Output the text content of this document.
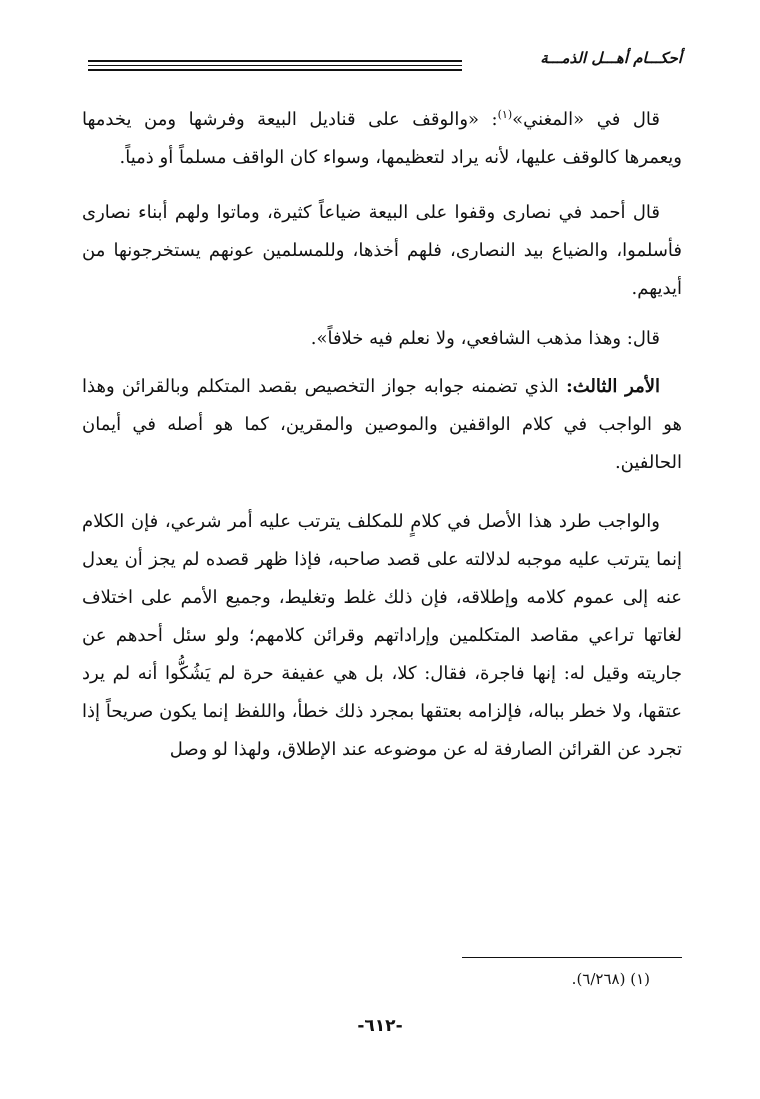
أحكـــام أهـــل الذمـــة

قال في «المغني»$^{(١)}$: «والوقف على قناديل البيعة وفرشها ومن يخدمها ويعمرها كالوقف عليها، لأنه يراد لتعظيمها، وسواء كان الواقف مسلماً أو ذمياً.

قال أحمد في نصارى وقفوا على البيعة ضياعاً كثيرة، وماتوا ولهم أبناء نصارى فأسلموا، والضياع بيد النصارى، فلهم أخذها، وللمسلمين عونهم يستخرجونها من أيديهم.

قال: وهذا مذهب الشافعي، ولا نعلم فيه خلافاً».

الأمر الثالث: الذي تضمنه جوابه جواز التخصيص بقصد المتكلم وبالقرائن وهذا هو الواجب في كلام الواقفين والموصين والمقرين، كما هو أصله في أيمان الحالفين.

والواجب طرد هذا الأصل في كلامٍ للمكلف يترتب عليه أمر شرعي، فإن الكلام إنما يترتب عليه موجبه لدلالته على قصد صاحبه، فإذا ظهر قصده لم يجز أن يعدل عنه إلى عموم كلامه وإطلاقه، فإن ذلك غلط وتغليط، وجميع الأمم على اختلاف لغاتها تراعي مقاصد المتكلمين وإراداتهم وقرائن كلامهم؛ ولو سئل أحدهم عن جاريته وقيل له: إنها فاجرة، فقال: كلا، بل هي عفيفة حرة لم يَشُكُّوا أنه لم يرد عتقها، ولا خطر بباله، فإلزامه بعتقها بمجرد ذلك خطأ، واللفظ إنما يكون صريحاً إذا تجرد عن القرائن الصارفة له عن موضوعه عند الإطلاق، ولهذا لو وصل

(١) (٦/٢٦٨).
-٦١٢-
